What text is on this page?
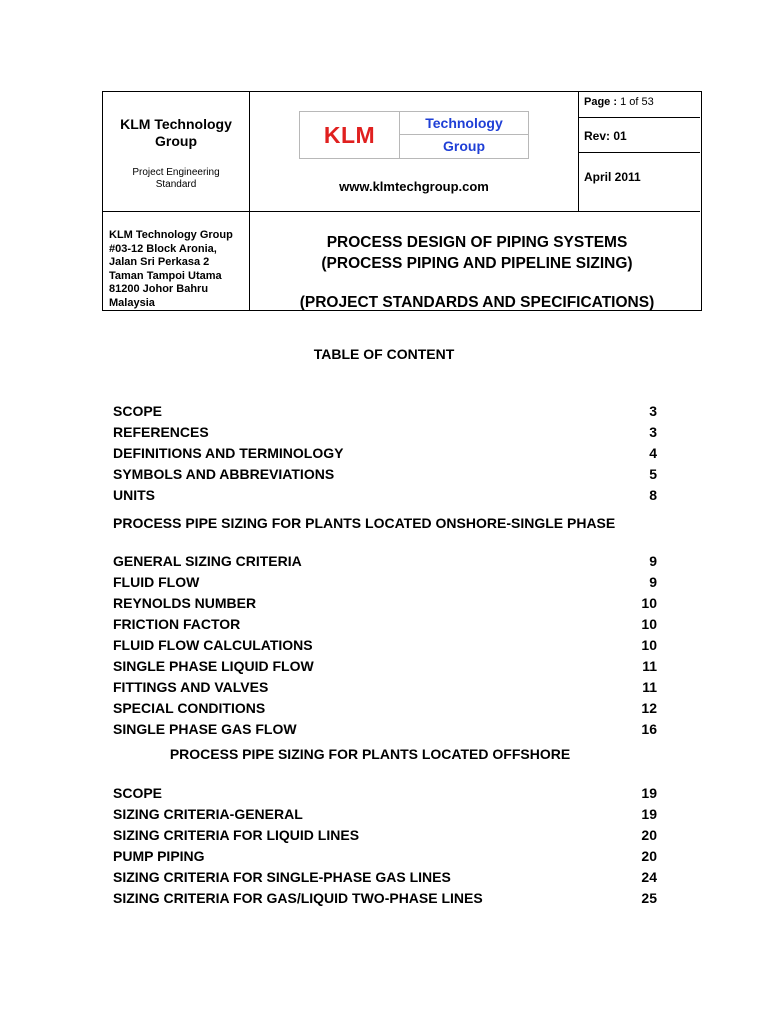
KLM Technology
Group
Project Engineering
Standard
KLM	Technology
Group
www.klmtechgroup.com
Page : 1 of 53
Rev: 01
April 2011
KLM Technology Group
#03-12 Block Aronia,
Jalan Sri Perkasa 2
Taman Tampoi Utama
81200 Johor Bahru
Malaysia
PROCESS DESIGN OF PIPING SYSTEMS
(PROCESS PIPING AND PIPELINE SIZING)
(PROJECT STANDARDS AND SPECIFICATIONS)
TABLE OF CONTENT
SCOPE	3
REFERENCES	3
DEFINITIONS AND TERMINOLOGY	4
SYMBOLS AND ABBREVIATIONS	5
UNITS	8
PROCESS PIPE SIZING FOR PLANTS LOCATED ONSHORE-SINGLE PHASE
GENERAL SIZING CRITERIA	9
FLUID FLOW	9
REYNOLDS NUMBER	10
FRICTION FACTOR	10
FLUID FLOW CALCULATIONS	10
SINGLE PHASE LIQUID FLOW	11
FITTINGS AND VALVES	11
SPECIAL CONDITIONS	12
SINGLE PHASE GAS FLOW	16
PROCESS PIPE SIZING FOR PLANTS LOCATED OFFSHORE
SCOPE	19
SIZING CRITERIA-GENERAL	19
SIZING CRITERIA FOR LIQUID LINES	20
PUMP PIPING	20
SIZING CRITERIA FOR SINGLE-PHASE GAS LINES	24
SIZING CRITERIA FOR GAS/LIQUID TWO-PHASE LINES	25
